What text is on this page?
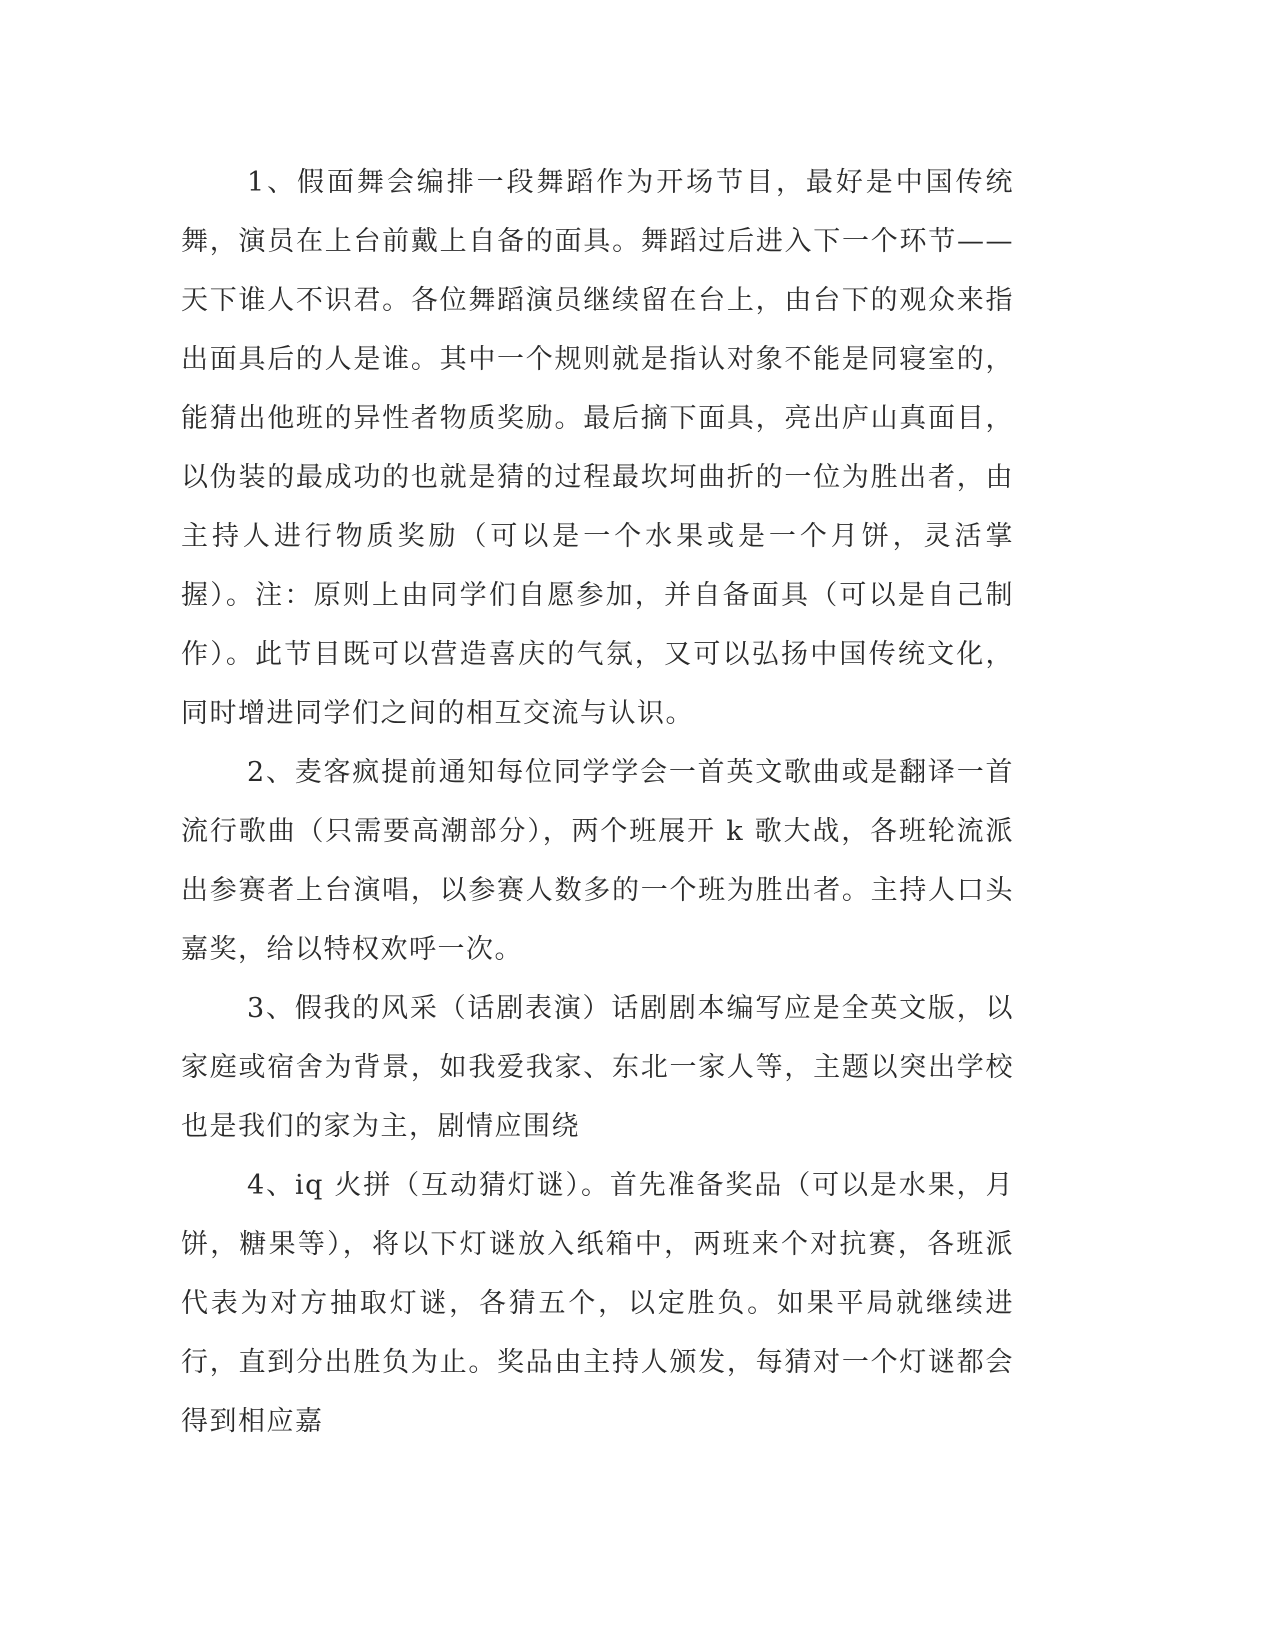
1、假面舞会编排一段舞蹈作为开场节目，最好是中国传统舞，演员在上台前戴上自备的面具。舞蹈过后进入下一个环节——天下谁人不识君。各位舞蹈演员继续留在台上，由台下的观众来指出面具后的人是谁。其中一个规则就是指认对象不能是同寝室的，能猜出他班的异性者物质奖励。最后摘下面具，亮出庐山真面目，以伪装的最成功的也就是猜的过程最坎坷曲折的一位为胜出者，由主持人进行物质奖励（可以是一个水果或是一个月饼，灵活掌握）。注：原则上由同学们自愿参加，并自备面具（可以是自己制作）。此节目既可以营造喜庆的气氛，又可以弘扬中国传统文化，同时增进同学们之间的相互交流与认识。

2、麦客疯提前通知每位同学学会一首英文歌曲或是翻译一首流行歌曲（只需要高潮部分），两个班展开 k 歌大战，各班轮流派出参赛者上台演唱，以参赛人数多的一个班为胜出者。主持人口头嘉奖，给以特权欢呼一次。

3、假我的风采（话剧表演）话剧剧本编写应是全英文版，以家庭或宿舍为背景，如我爱我家、东北一家人等，主题以突出学校也是我们的家为主，剧情应围绕

4、iq 火拼（互动猜灯谜）。首先准备奖品（可以是水果，月饼，糖果等），将以下灯谜放入纸箱中，两班来个对抗赛，各班派代表为对方抽取灯谜，各猜五个，以定胜负。如果平局就继续进行，直到分出胜负为止。奖品由主持人颁发，每猜对一个灯谜都会得到相应嘉
